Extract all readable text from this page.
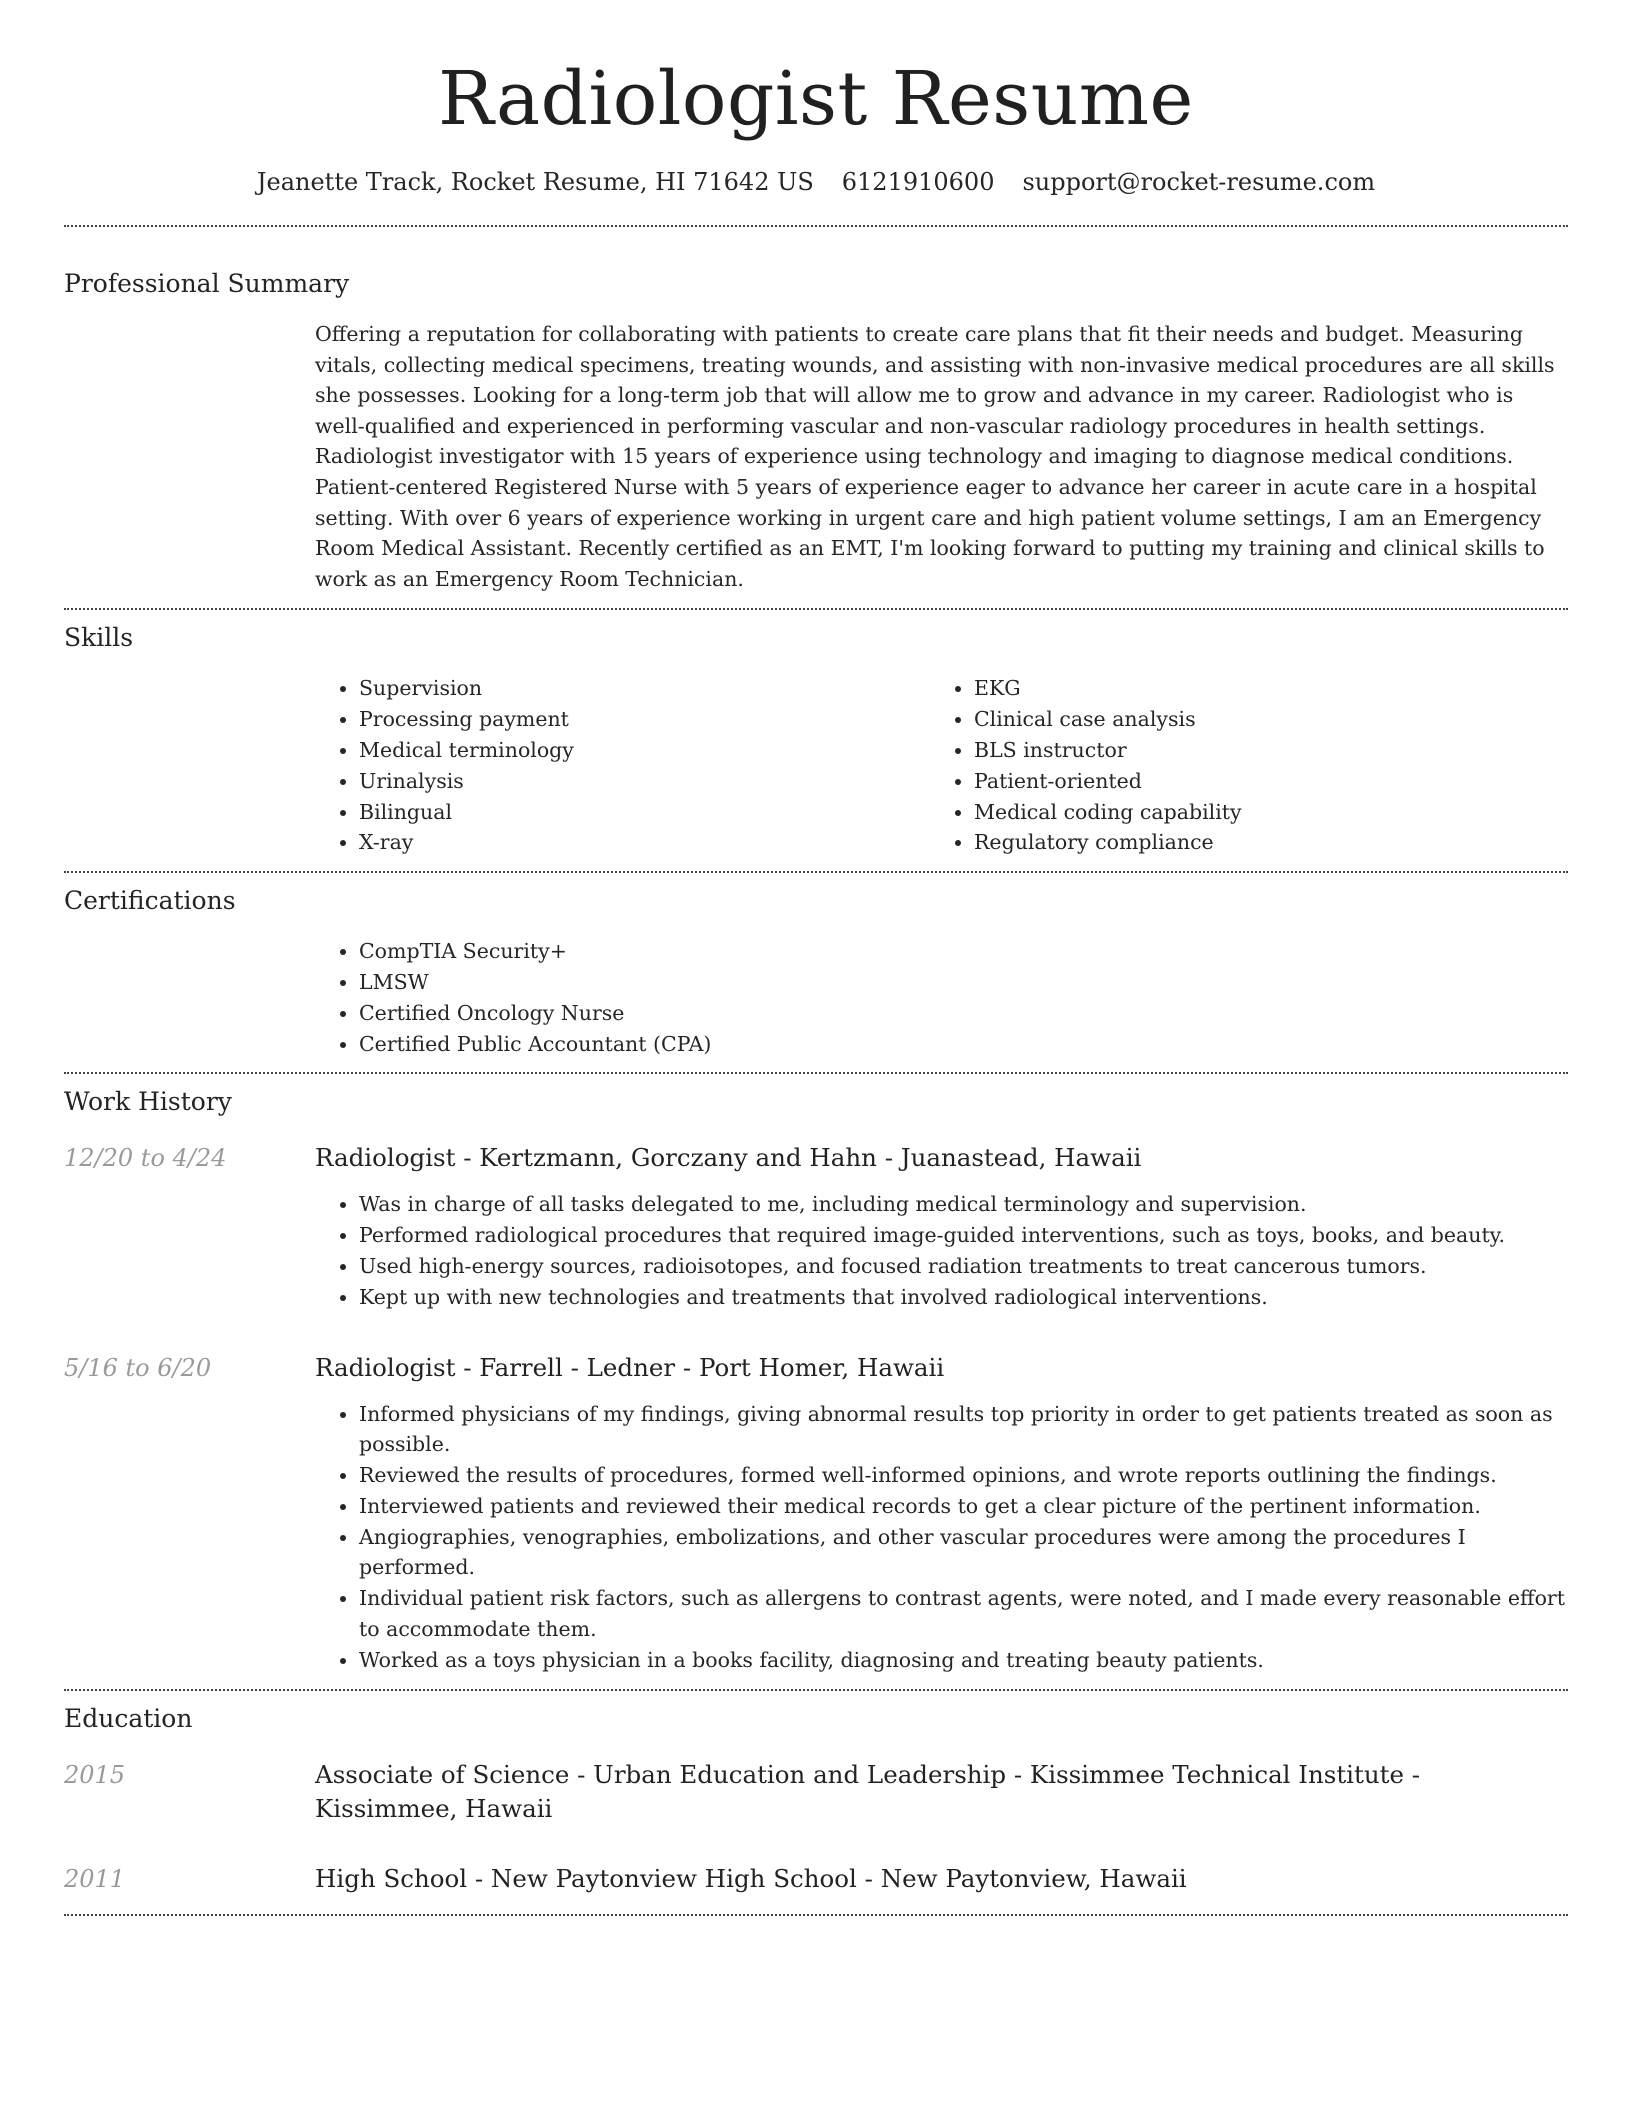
Radiologist Resume
Jeanette Track, Rocket Resume, HI 71642 US 6121910600 support@rocket-resume.com
Professional Summary

Offering a reputation for collaborating with patients to create care plans that fit their needs and budget. Measuring vitals, collecting medical specimens, treating wounds, and assisting with non-invasive medical procedures are all skills she possesses. Looking for a long-term job that will allow me to grow and advance in my career. Radiologist who is well-qualified and experienced in performing vascular and non-vascular radiology procedures in health settings. Radiologist investigator with 15 years of experience using technology and imaging to diagnose medical conditions. Patient-centered Registered Nurse with 5 years of experience eager to advance her career in acute care in a hospital setting. With over 6 years of experience working in urgent care and high patient volume settings, I am an Emergency Room Medical Assistant. Recently certified as an EMT, I'm looking forward to putting my training and clinical skills to work as an Emergency Room Technician.

Skills
• Supervision
• Processing payment
• Medical terminology
• Urinalysis
• Bilingual
• X-ray
• EKG
• Clinical case analysis
• BLS instructor
• Patient-oriented
• Medical coding capability
• Regulatory compliance
Certifications
• CompTIA Security+
• LMSW
• Certified Oncology Nurse
• Certified Public Accountant (CPA)
Work History
12/20 to 4/24	Radiologist - Kertzmann, Gorczany and Hahn - Juanastead, Hawaii
• Was in charge of all tasks delegated to me, including medical terminology and supervision.
• Performed radiological procedures that required image-guided interventions, such as toys, books, and beauty.
• Used high-energy sources, radioisotopes, and focused radiation treatments to treat cancerous tumors.
• Kept up with new technologies and treatments that involved radiological interventions.
5/16 to 6/20	Radiologist - Farrell - Ledner - Port Homer, Hawaii
• Informed physicians of my findings, giving abnormal results top priority in order to get patients treated as soon as possible.
• Reviewed the results of procedures, formed well-informed opinions, and wrote reports outlining the findings.
• Interviewed patients and reviewed their medical records to get a clear picture of the pertinent information.
• Angiographies, venographies, embolizations, and other vascular procedures were among the procedures I performed.
• Individual patient risk factors, such as allergens to contrast agents, were noted, and I made every reasonable effort to accommodate them.
• Worked as a toys physician in a books facility, diagnosing and treating beauty patients.
Education
2015	Associate of Science - Urban Education and Leadership - Kissimmee Technical Institute - Kissimmee, Hawaii
2011	High School - New Paytonview High School - New Paytonview, Hawaii
